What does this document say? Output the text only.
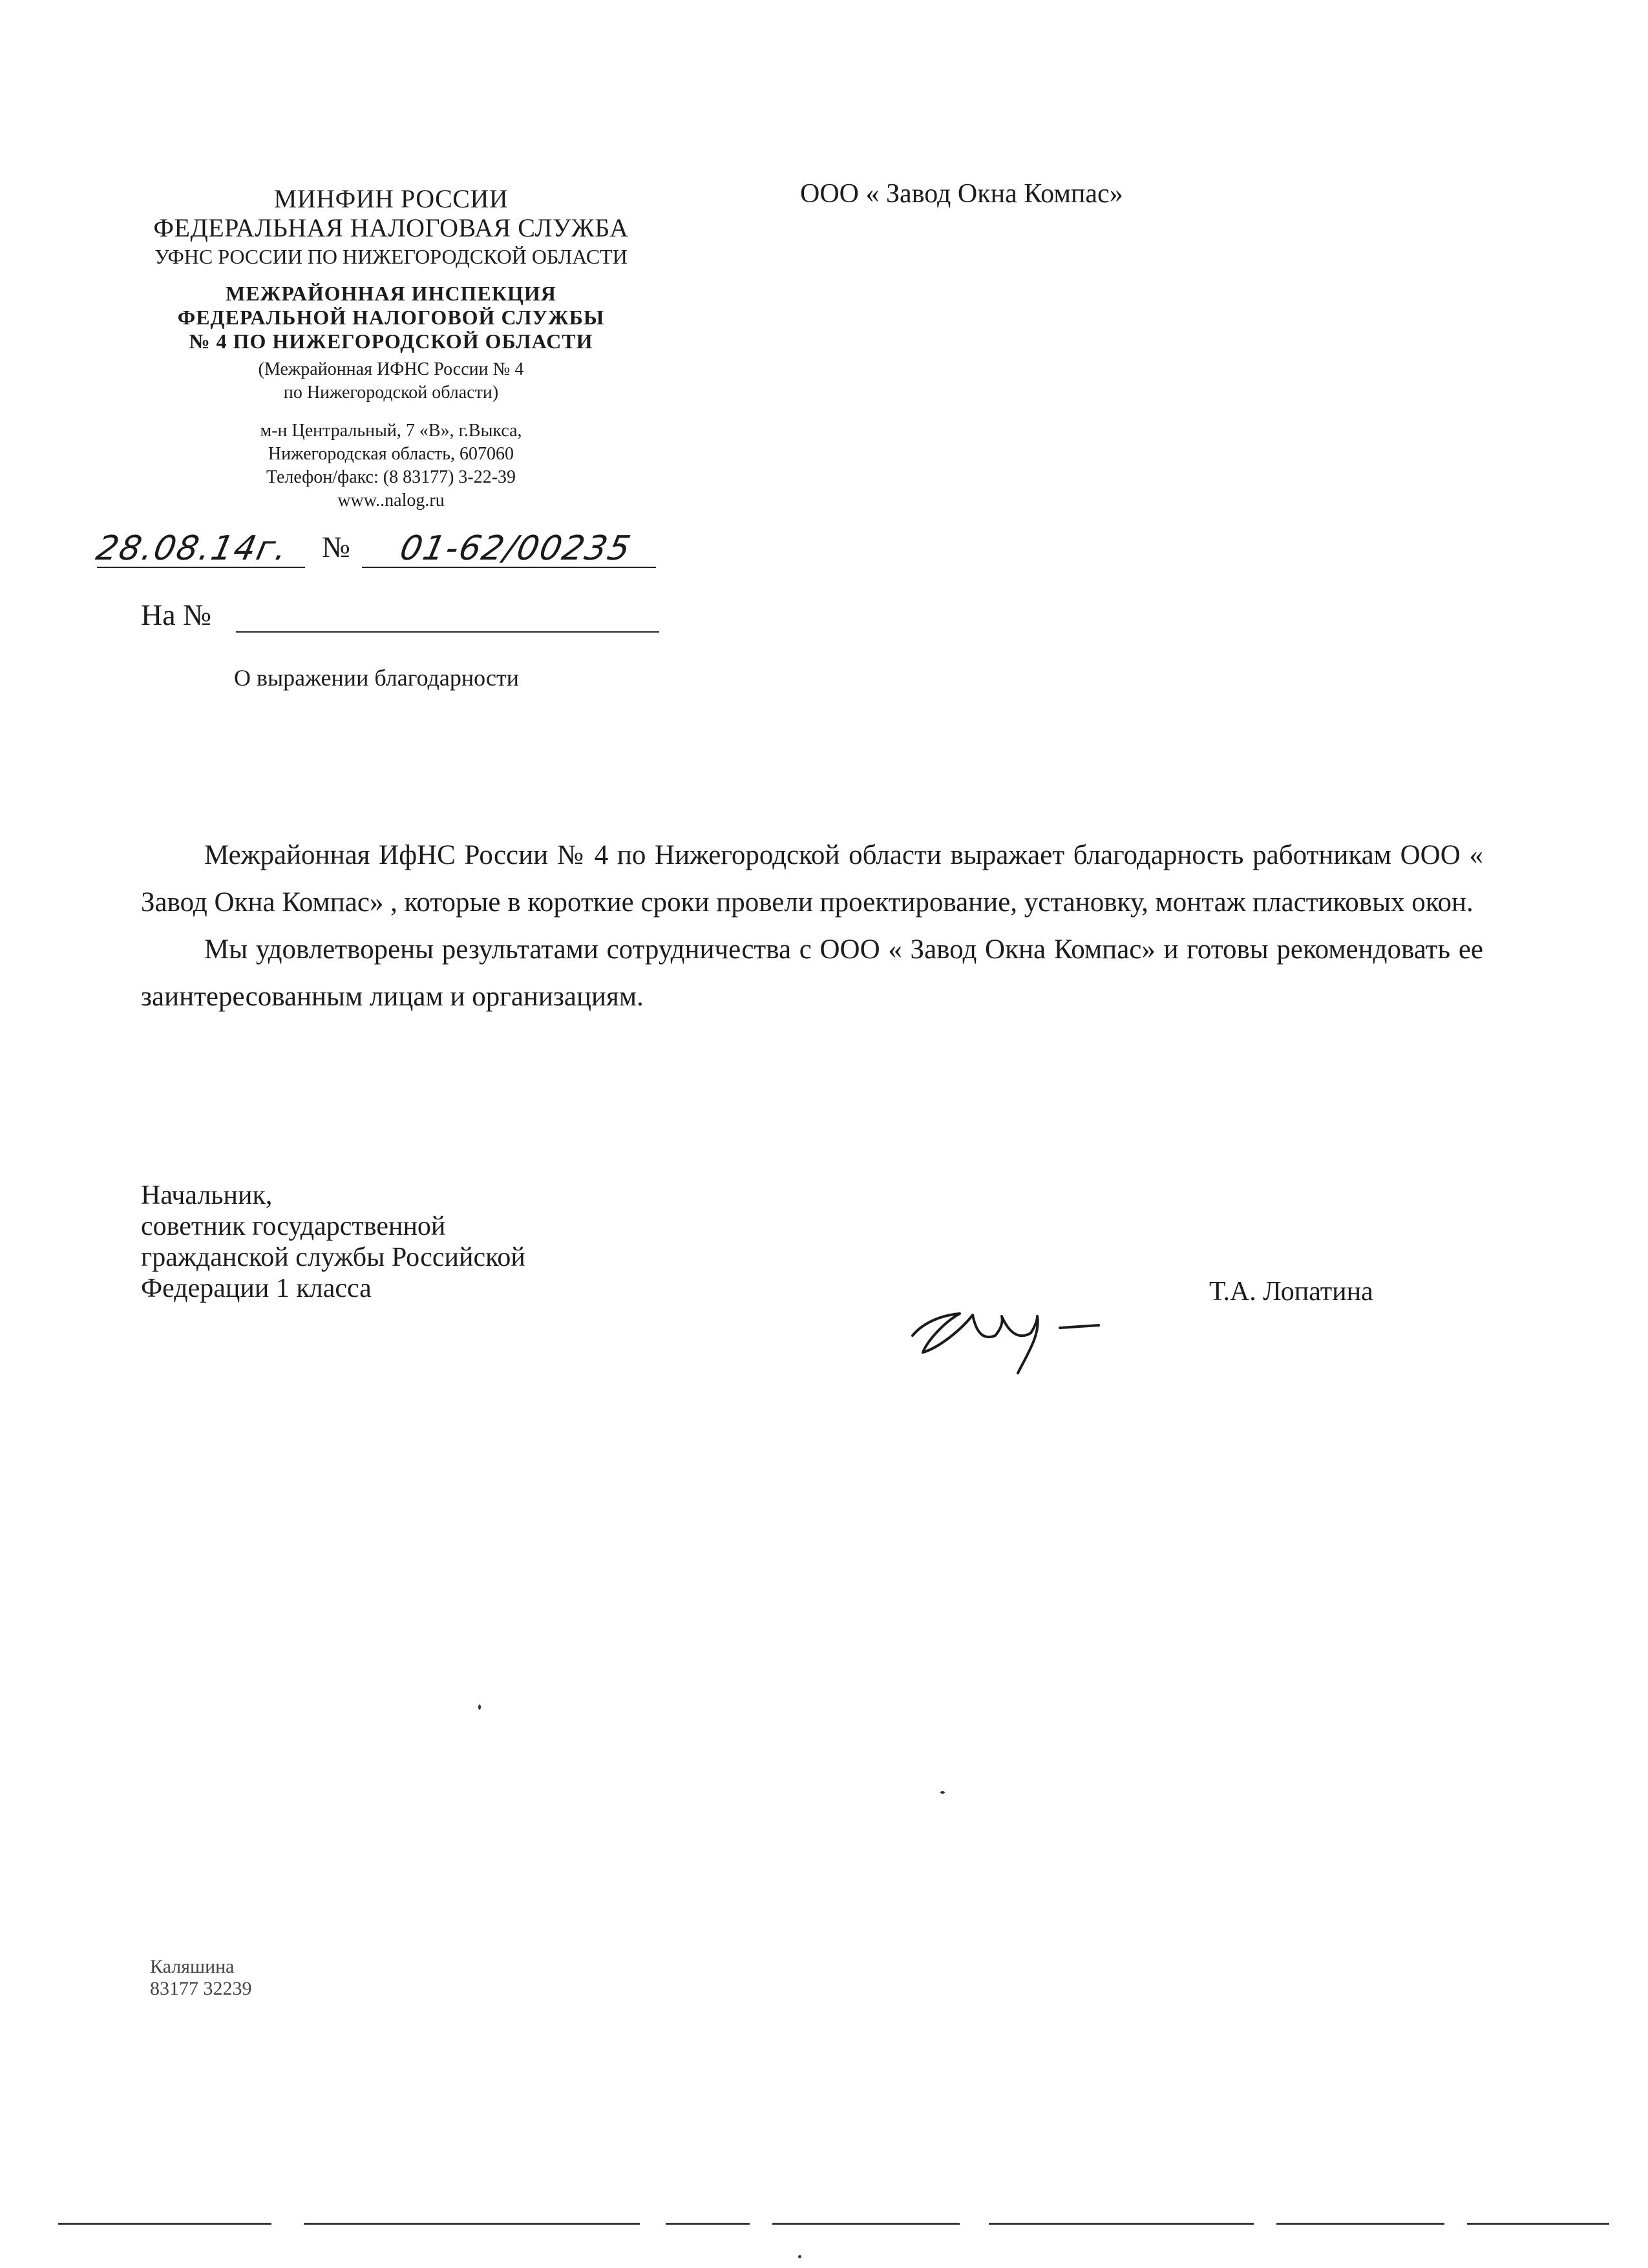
МИНФИН РОССИИ
ФЕДЕРАЛЬНАЯ НАЛОГОВАЯ СЛУЖБА
УФНС РОССИИ ПО НИЖЕГОРОДСКОЙ ОБЛАСТИ
МЕЖРАЙОННАЯ ИНСПЕКЦИЯ
ФЕДЕРАЛЬНОЙ НАЛОГОВОЙ СЛУЖБЫ
№ 4 ПО НИЖЕГОРОДСКОЙ ОБЛАСТИ
(Межрайонная ИФНС России № 4
по Нижегородской области)
м-н Центральный, 7 «В», г.Выкса,
Нижегородская область, 607060
Телефон/факс: (8 83177) 3-22-39
www..nalog.ru
ООО « Завод Окна Компас»
28.08.14г. № 01-62/00235
На №
О выражении благодарности

Межрайонная ИфНС России № 4 по Нижегородской области выражает благодарность работникам ООО « Завод Окна Компас» , которые в короткие сроки провели проектирование, установку, монтаж пластиковых окон.

Мы удовлетворены результатами сотрудничества с ООО « Завод Окна Компас» и готовы рекомендовать ее заинтересованным лицам и организациям.

Начальник,
советник государственной
гражданской службы Российской
Федерации 1 класса	Т.А. Лопатина
Каляшина
83177 32239
